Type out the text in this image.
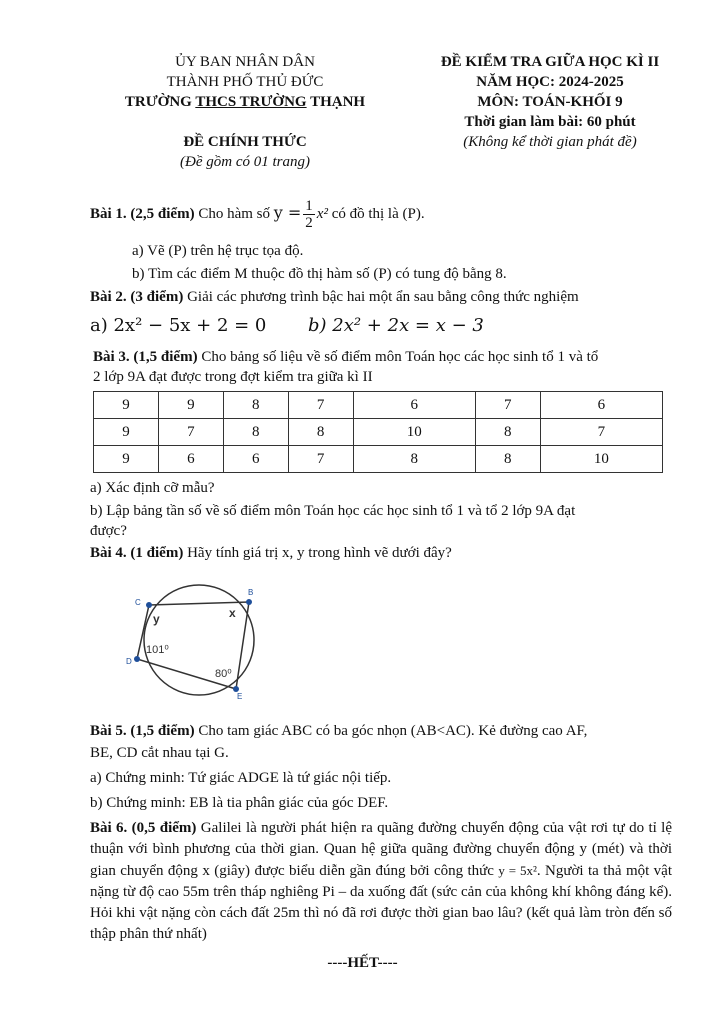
ỦY BAN NHÂN DÂN
THÀNH PHỐ THỦ ĐỨC
TRƯỜNG THCS TRƯỜNG THẠNH
ĐỀ CHÍNH THỨC
(Đề gồm có 01 trang)
ĐỀ KIỂM TRA GIỮA HỌC KÌ II
NĂM HỌC: 2024-2025
MÔN: TOÁN-KHỐI 9
Thời gian làm bài: 60 phút
(Không kể thời gian phát đề)
Bài 1. (2,5 điểm) Cho hàm số $y = \frac{1}{2} x^2$ có đồ thị là (P).
a) Vẽ (P) trên hệ trục tọa độ.
b) Tìm các điểm M thuộc đồ thị hàm số (P) có tung độ bằng 8.
Bài 2. (3 điểm) Giải các phương trình bậc hai một ẩn sau bằng công thức nghiệm
a) 2x² − 5x + 2 = 0 b) 2x² + 2x = x − 3
Bài 3. (1,5 điểm) Cho bảng số liệu về số điểm môn Toán học các học sinh tổ 1 và tổ
2 lớp 9A đạt được trong đợt kiểm tra giữa kì II
9	9	8	7	6	7	6
9	7	8	8	10	8	7
9	6	6	7	8	8	10
a) Xác định cỡ mẫu?
b) Lập bảng tần số về số điểm môn Toán học các học sinh tổ 1 và tổ 2 lớp 9A đạt
được?
Bài 4. (1 điểm) Hãy tính giá trị x, y trong hình vẽ dưới đây?
C
B
D
E
x
y
101⁰
80⁰
Bài 5. (1,5 điểm) Cho tam giác ABC có ba góc nhọn (AB<AC). Kẻ đường cao AF,
BE, CD cắt nhau tại G.
a) Chứng minh: Tứ giác ADGE là tứ giác nội tiếp.
b) Chứng minh: EB là tia phân giác của góc DEF.
Bài 6. (0,5 điểm) Galilei là người phát hiện ra quãng đường chuyển động của vật rơi tự do tỉ lệ thuận với bình phương của thời gian. Quan hệ giữa quãng đường chuyển động y (mét) và thời gian chuyển động x (giây) được biểu diễn gần đúng bởi công thức y = 5x². Người ta thả một vật nặng từ độ cao 55m trên tháp nghiêng Pi – da xuống đất (sức cản của không khí không đáng kể). Hỏi khi vật nặng còn cách đất 25m thì nó đã rơi được thời gian bao lâu? (kết quả làm tròn đến số thập phân thứ nhất)
----HẾT----
